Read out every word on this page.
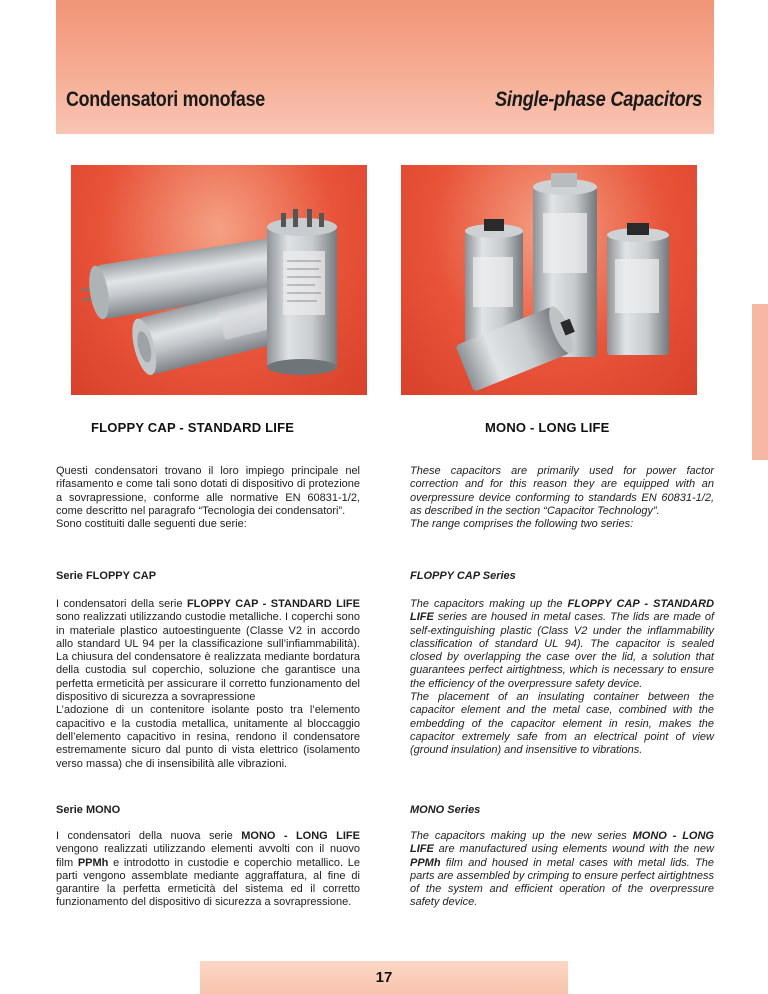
Condensatori monofase	Single-phase Capacitors
FLOPPY CAP - STANDARD LIFE	MONO - LONG LIFE

Questi condensatori trovano il loro impiego principale nel rifasamento e come tali sono dotati di dispositivo di protezione a sovrapressione, conforme alle normative EN 60831-1/2, come descritto nel paragrafo “Tecnologia dei condensatori”.

Sono costituiti dalle seguenti due serie:

These capacitors are primarily used for power factor correction and for this reason they are equipped with an overpressure device conforming to standards EN 60831-1/2, as described in the section “Capacitor Technology”.

The range comprises the following two series:

Serie FLOPPY CAP	FLOPPY CAP Series

I condensatori della serie FLOPPY CAP - STANDARD LIFE sono realizzati utilizzando custodie metalliche. I coperchi sono in materiale plastico autoestinguente (Classe V2 in accordo allo standard UL 94 per la classificazione sull’infiammabilità). La chiusura del condensatore è realizzata mediante bordatura della custodia sul coperchio, soluzione che garantisce una perfetta ermeticità per assicurare il corretto funzionamento del dispositivo di sicurezza a sovrapressione

L’adozione di un contenitore isolante posto tra l’elemento capacitivo e la custodia metallica, unitamente al bloccaggio dell’elemento capacitivo in resina, rendono il condensatore estremamente sicuro dal punto di vista elettrico (isolamento verso massa) che di insensibilità alle vibrazioni.

The capacitors making up the FLOPPY CAP - STANDARD LIFE series are housed in metal cases. The lids are made of self-extinguishing plastic (Class V2 under the inflammability classification of standard UL 94). The capacitor is sealed closed by overlapping the case over the lid, a solution that guarantees perfect airtightness, which is necessary to ensure the efficiency of the overpressure safety device.

The placement of an insulating container between the capacitor element and the metal case, combined with the embedding of the capacitor element in resin, makes the capacitor extremely safe from an electrical point of view (ground insulation) and insensitive to vibrations.

Serie MONO	MONO Series

I condensatori della nuova serie MONO - LONG LIFE vengono realizzati utilizzando elementi avvolti con il nuovo film PPMh e introdotto in custodie e coperchio metallico. Le parti vengono assemblate mediante aggraffatura, al fine di garantire la perfetta ermeticità del sistema ed il corretto funzionamento del dispositivo di sicurezza a sovrapressione.

The capacitors making up the new series MONO - LONG LIFE are manufactured using elements wound with the new PPMh film and housed in metal cases with metal lids. The parts are assembled by crimping to ensure perfect airtightness of the system and efficient operation of the overpressure safety device.

17
